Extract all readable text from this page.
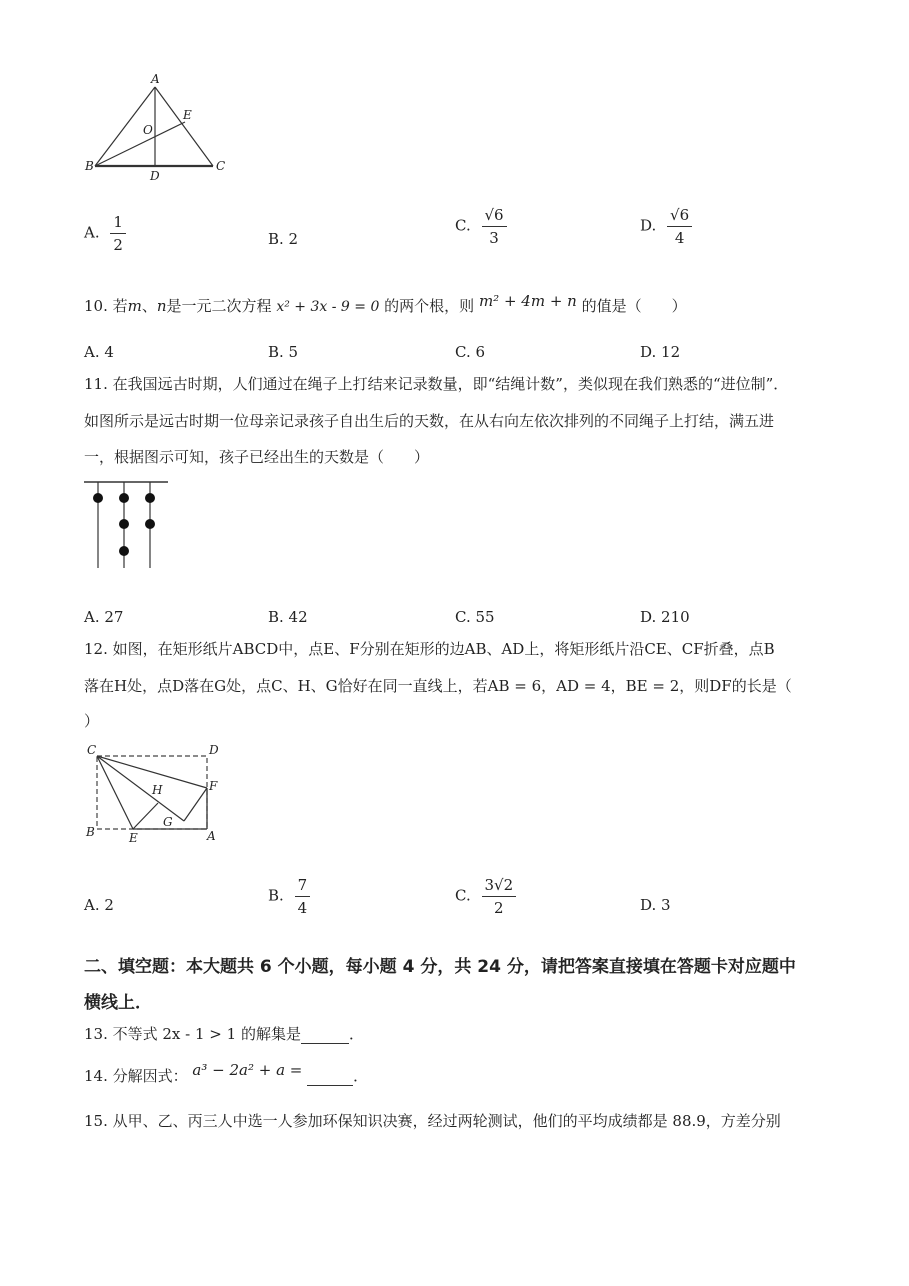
A
E
O
B	C
D
A. $\frac{1}{2}$	B. 2
C. $\frac{√6}{3}$	D. $\frac{√6}{4}$
10. 若m、n是一元二次方程 x² + 3x - 9 = 0 的两个根，则 m² + 4m + n 的值是（　　）
A. 4	B. 5	C. 6	D. 12
11. 在我国远古时期，人们通过在绳子上打结来记录数量，即“结绳计数”，类似现在我们熟悉的“进位制”．
如图所示是远古时期一位母亲记录孩子自出生后的天数，在从右向左依次排列的不同绳子上打结，满五进
一，根据图示可知，孩子已经出生的天数是（　　）
A. 27	B. 42	C. 55	D. 210
12. 如图，在矩形纸片ABCD中，点E、F分别在矩形的边AB、AD上，将矩形纸片沿CE、CF折叠，点B
落在H处，点D落在G处，点C、H、G恰好在同一直线上，若AB = 6，AD = 4，BE = 2，则DF的长是（
）
C	D
H	F
G
B	E	A
A. 2
B. $\frac{7}{4}$	C. $\frac{3√2}{2}$	D. 3
二、填空题：本大题共 6 个小题，每小题 4 分，共 24 分，请把答案直接填在答题卡对应题中
横线上．
13. 不等式 2x - 1 > 1 的解集是	．
14. 分解因式： a³ − 2a² + a =	．
15. 从甲、乙、丙三人中选一人参加环保知识决赛，经过两轮测试，他们的平均成绩都是 88.9，方差分别
